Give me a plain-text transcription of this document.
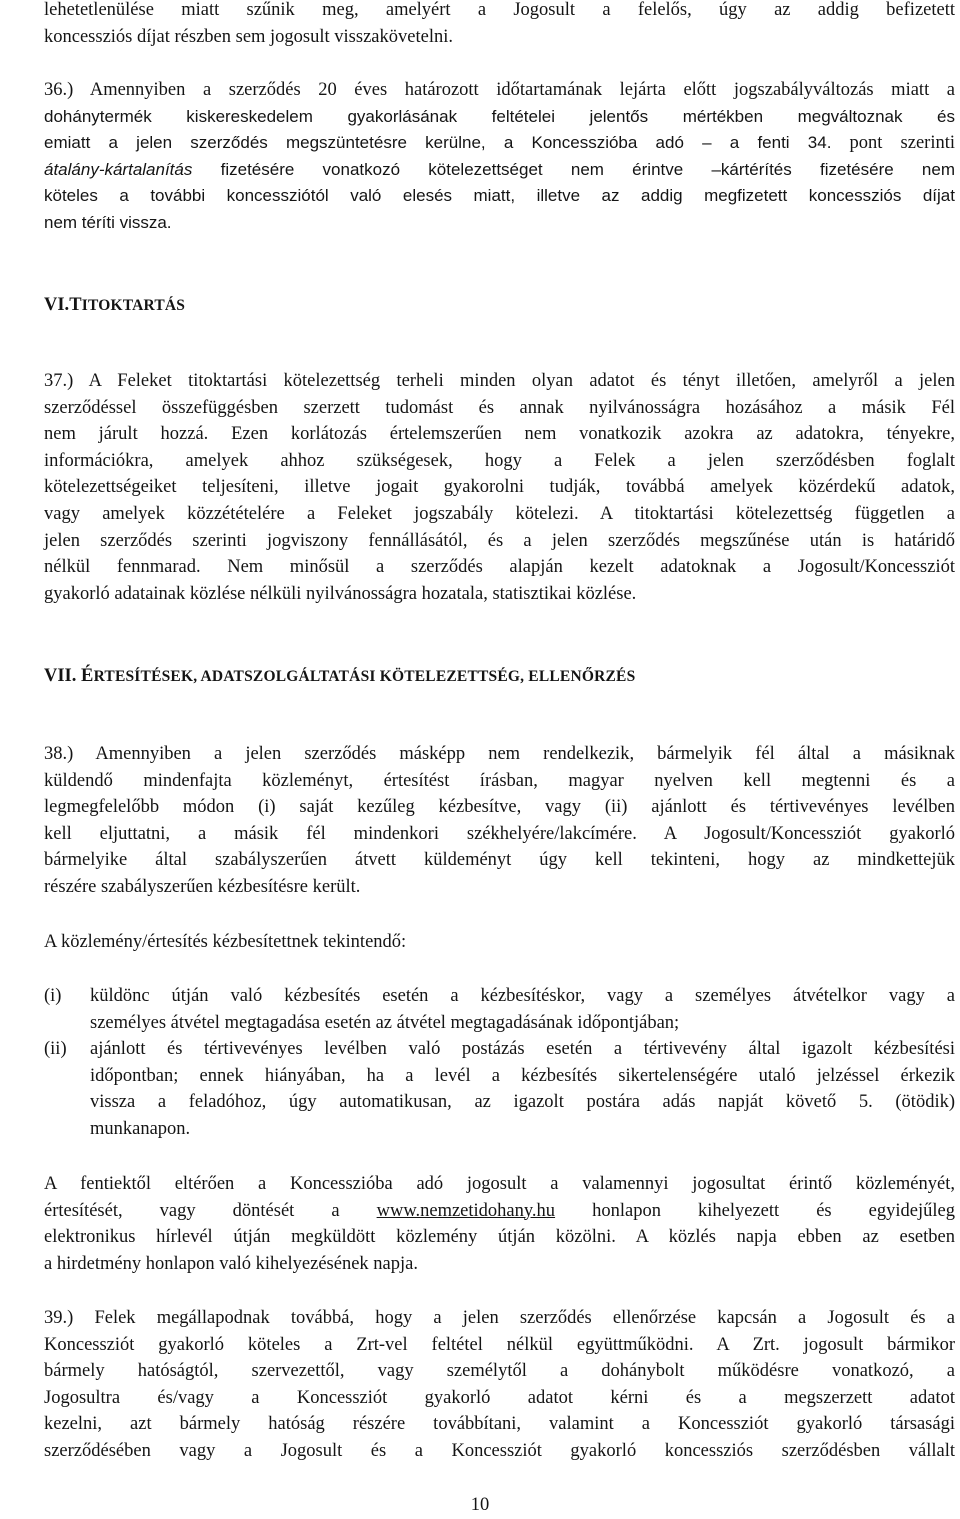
lehetetlenülése miatt szűnik meg, amelyért a Jogosult a felelős, úgy az addig befizetett
koncessziós díjat részben sem jogosult visszakövetelni.
36.) Amennyiben a szerződés 20 éves határozott időtartamának lejárta előtt jogszabályváltozás miatt a
dohánytermék kiskereskedelem gyakorlásának feltételei jelentős mértékben megváltoznak és
emiatt a jelen szerződés megszüntetésre kerülne, a Koncesszióba adó – a fenti 34. pont szerinti
átalány-kártalanítás fizetésére vonatkozó kötelezettséget nem érintve –kártérítés fizetésére nem
köteles a további koncessziótól való elesés miatt, illetve az addig megfizetett koncessziós díjat
nem téríti vissza.
VI.TITOKTARTÁS
37.) A Feleket titoktartási kötelezettség terheli minden olyan adatot és tényt illetően, amelyről a jelen
szerződéssel összefüggésben szerzett tudomást és annak nyilvánosságra hozásához a másik Fél
nem járult hozzá. Ezen korlátozás értelemszerűen nem vonatkozik azokra az adatokra, tényekre,
információkra, amelyek ahhoz szükségesek, hogy a Felek a jelen szerződésben foglalt
kötelezettségeiket teljesíteni, illetve jogait gyakorolni tudják, továbbá amelyek közérdekű adatok,
vagy amelyek közzétételére a Feleket jogszabály kötelezi. A titoktartási kötelezettség független a
jelen szerződés szerinti jogviszony fennállásától, és a jelen szerződés megszűnése után is határidő
nélkül fennmarad. Nem minősül a szerződés alapján kezelt adatoknak a Jogosult/Koncessziót
gyakorló adatainak közlése nélküli nyilvánosságra hozatala, statisztikai közlése.
VII. ÉRTESÍTÉSEK, ADATSZOLGÁLTATÁSI KÖTELEZETTSÉG, ELLENŐRZÉS
38.) Amennyiben a jelen szerződés másképp nem rendelkezik, bármelyik fél által a másiknak
küldendő mindenfajta közleményt, értesítést írásban, magyar nyelven kell megtenni és a
legmegfelelőbb módon (i) saját kezűleg kézbesítve, vagy (ii) ajánlott és tértivevényes levélben
kell eljuttatni, a másik fél mindenkori székhelyére/lakcímére. A Jogosult/Koncessziót gyakorló
bármelyike által szabályszerűen átvett küldeményt úgy kell tekinteni, hogy az mindkettejük
részére szabályszerűen kézbesítésre került.
A közlemény/értesítés kézbesítettnek tekintendő:
(i) küldönc útján való kézbesítés esetén a kézbesítéskor, vagy a személyes átvételkor vagy a
személyes átvétel megtagadása esetén az átvétel megtagadásának időpontjában;
(ii) ajánlott és tértivevényes levélben való postázás esetén a tértivevény által igazolt kézbesítési
időpontban; ennek hiányában, ha a levél a kézbesítés sikertelenségére utaló jelzéssel érkezik
vissza a feladóhoz, úgy automatikusan, az igazolt postára adás napját követő 5. (ötödik)
munkanapon.
A fentiektől eltérően a Koncesszióba adó jogosult a valamennyi jogosultat érintő közleményét,
értesítését, vagy döntését a www.nemzetidohany.hu honlapon kihelyezett és egyidejűleg
elektronikus hírlevél útján megküldött közlemény útján közölni. A közlés napja ebben az esetben
a hirdetmény honlapon való kihelyezésének napja.
39.) Felek megállapodnak továbbá, hogy a jelen szerződés ellenőrzése kapcsán a Jogosult és a
Koncessziót gyakorló köteles a Zrt-vel feltétel nélkül együttműködni. A Zrt. jogosult bármikor
bármely hatóságtól, szervezettől, vagy személytől a dohánybolt működésre vonatkozó, a
Jogosultra és/vagy a Koncessziót gyakorló adatot kérni és a megszerzett adatot
kezelni, azt bármely hatóság részére továbbítani, valamint a Koncessziót gyakorló társasági
szerződésében vagy a Jogosult és a Koncessziót gyakorló koncessziós szerződésben vállalt
10
